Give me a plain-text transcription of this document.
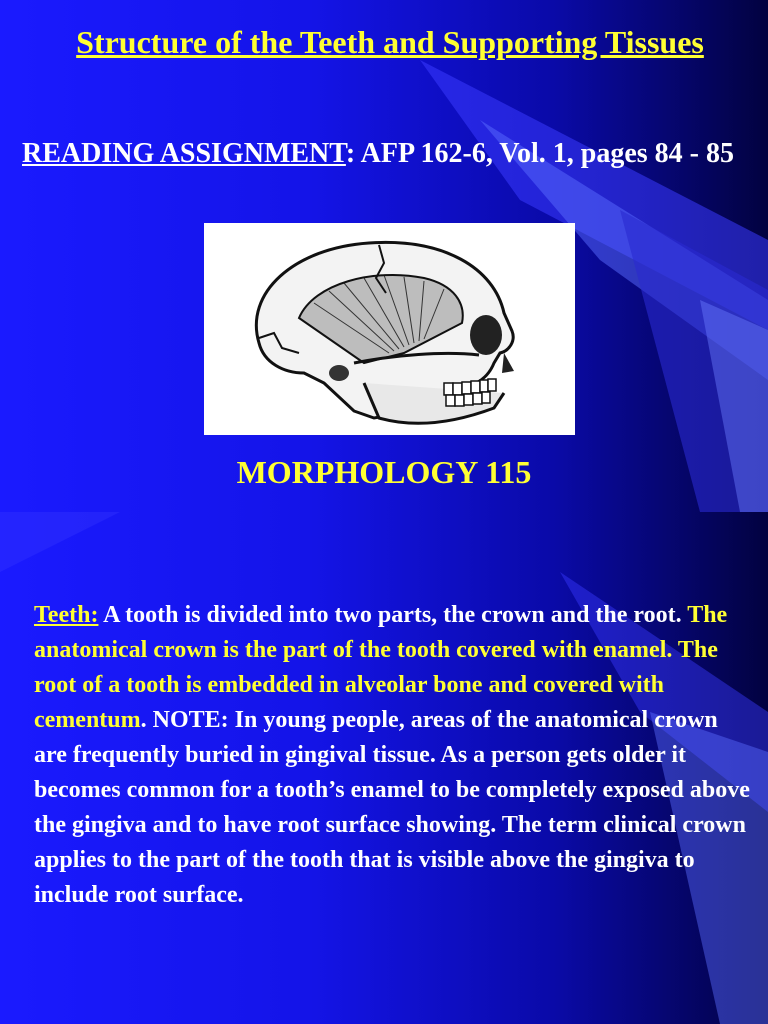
Structure of the Teeth and Supporting Tissues

READING ASSIGNMENT: AFP 162-6, Vol. 1, pages 84 - 85

MORPHOLOGY 115

Teeth: A tooth is divided into two parts, the crown and the root. The anatomical crown is the part of the tooth covered with enamel. The root of a tooth is embedded in alveolar bone and covered with cementum. NOTE: In young people, areas of the anatomical crown are frequently buried in gingival tissue. As a person gets older it becomes common for a tooth’s enamel to be completely exposed above the gingiva and to have root surface showing. The term clinical crown applies to the part of the tooth that is visible above the gingiva to include root surface.
